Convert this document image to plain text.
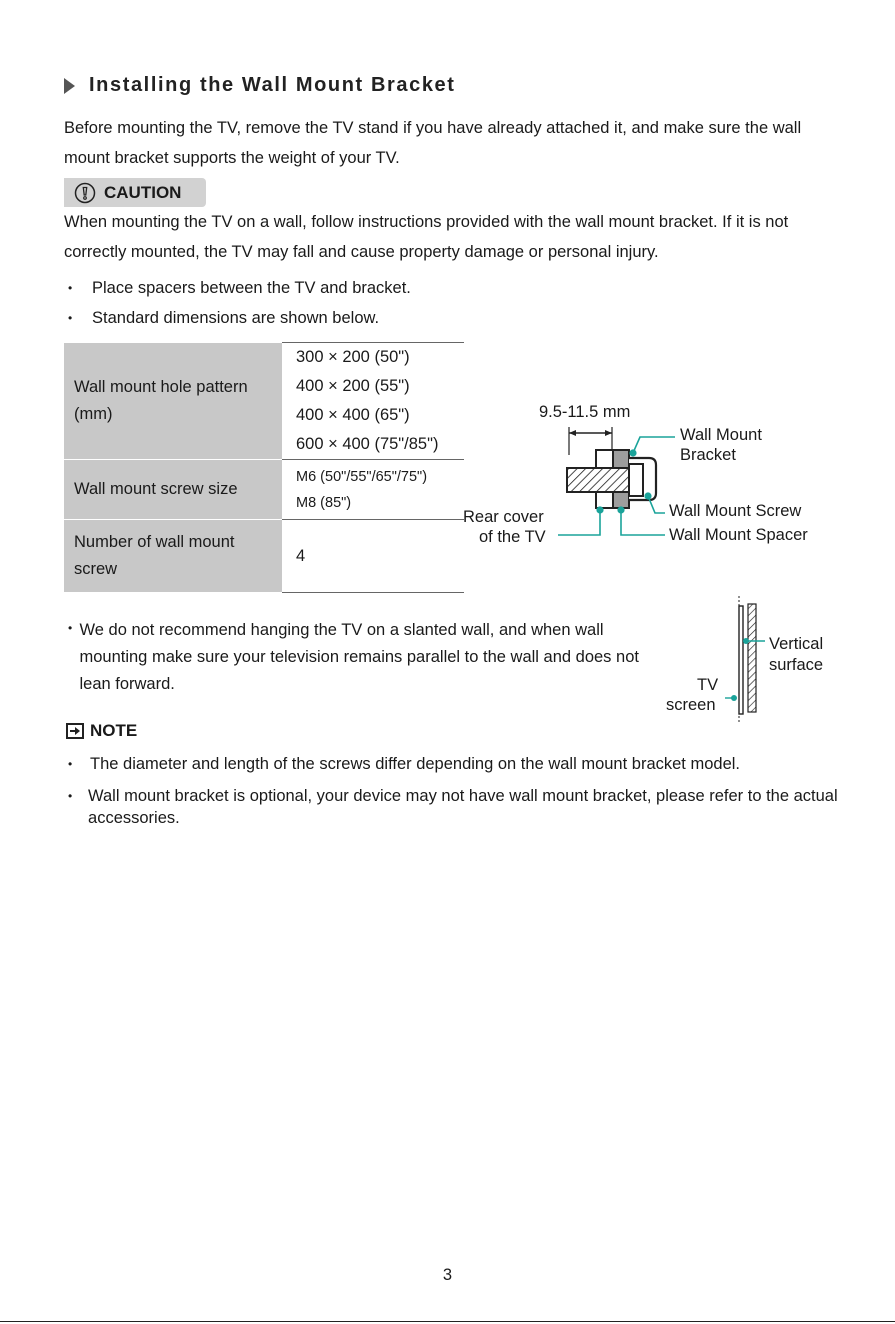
Installing the Wall Mount Bracket
Before mounting the TV, remove the TV stand if you have already attached it, and make sure the wall mount bracket supports the weight of your TV.
CAUTION
When mounting the TV on a wall, follow instructions provided with the wall mount bracket. If it is not correctly mounted, the TV may fall and cause property damage or personal injury.
•	Place spacers between the TV and bracket.
•	Standard dimensions are shown below.
Wall mount hole pattern (mm)	300 × 200 (50")
400 × 200 (55")
400 × 400 (65")
600 × 400 (75"/85")

Wall mount screw size	M6 (50"/55"/65"/75")
M8 (85")

Number of wall mount screw	4
9.5-11.5 mm
Wall Mount
Bracket
Wall Mount Screw
Wall Mount Spacer
Rear cover
of the TV
• We do not recommend hanging the TV on a slanted wall, and when wall mounting make sure your television remains parallel to the wall and does not lean forward.
Vertical
surface
TV
screen
NOTE
•	The diameter and length of the screws differ depending on the wall mount bracket model.
• Wall mount bracket is optional, your device may not have wall mount bracket, please refer to the actual accessories.
3
